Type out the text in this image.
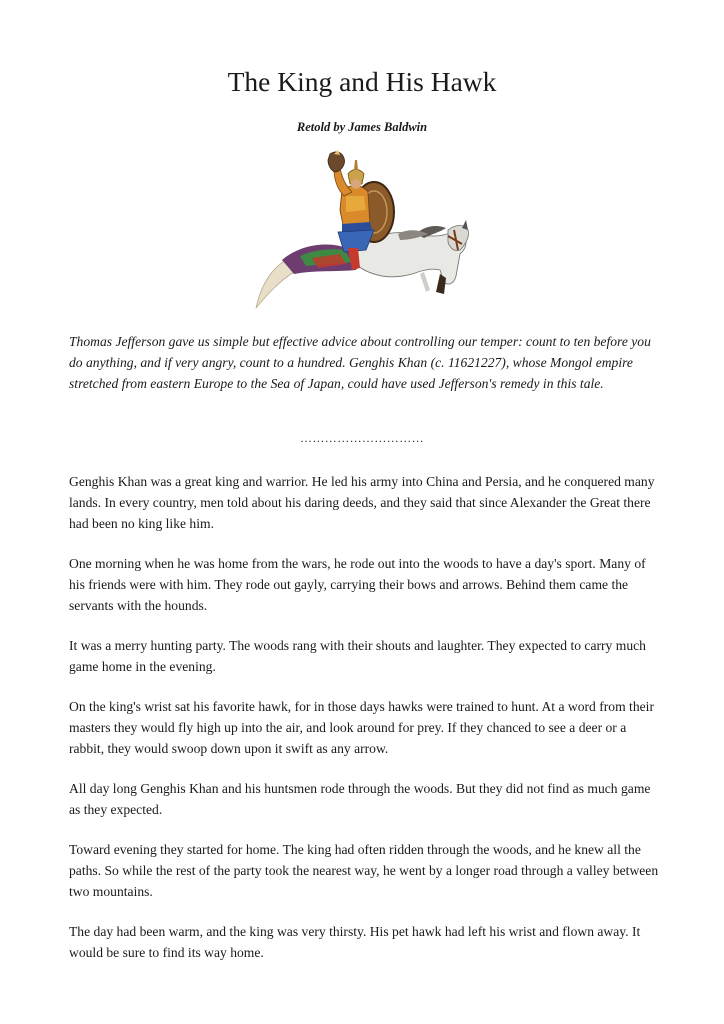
The King and His Hawk

Retold by James Baldwin

Thomas Jefferson gave us simple but effective advice about controlling our temper: count to ten before you do anything, and if very angry, count to a hundred. Genghis Khan (c. 11621227), whose Mongol empire stretched from eastern Europe to the Sea of Japan, could have used Jefferson's remedy in this tale.

…………………………

Genghis Khan was a great king and warrior. He led his army into China and Persia, and he conquered many lands. In every country, men told about his daring deeds, and they said that since Alexander the Great there had been no king like him.

One morning when he was home from the wars, he rode out into the woods to have a day's sport. Many of his friends were with him. They rode out gayly, carrying their bows and arrows. Behind them came the servants with the hounds.

It was a merry hunting party. The woods rang with their shouts and laughter. They expected to carry much game home in the evening.

On the king's wrist sat his favorite hawk, for in those days hawks were trained to hunt. At a word from their masters they would fly high up into the air, and look around for prey. If they chanced to see a deer or a rabbit, they would swoop down upon it swift as any arrow.

All day long Genghis Khan and his huntsmen rode through the woods. But they did not find as much game as they expected.

Toward evening they started for home. The king had often ridden through the woods, and he knew all the paths. So while the rest of the party took the nearest way, he went by a longer road through a valley between two mountains.

The day had been warm, and the king was very thirsty. His pet hawk had left his wrist and flown away. It would be sure to find its way home.
